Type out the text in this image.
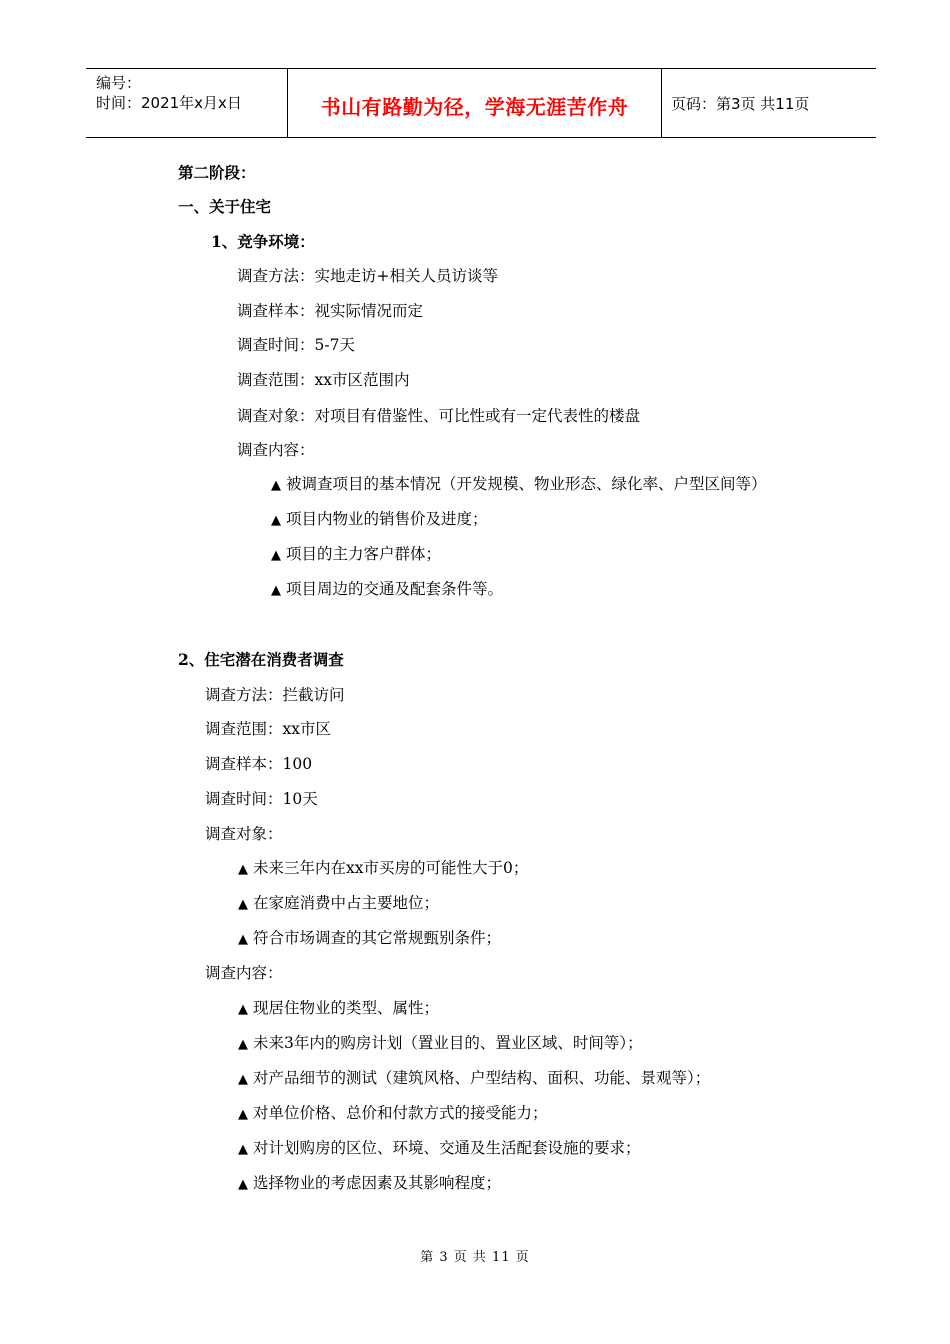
编号：
时间：2021年x月x日	书山有路勤为径，学海无涯苦作舟	页码：第3页 共11页
第二阶段：
一、关于住宅
1、竞争环境：
调查方法：实地走访+相关人员访谈等
调查样本：视实际情况而定
调查时间：5-7天
调查范围：xx市区范围内
调查对象：对项目有借鉴性、可比性或有一定代表性的楼盘
调查内容：
▲ 被调查项目的基本情况（开发规模、物业形态、绿化率、户型区间等）
▲ 项目内物业的销售价及进度；
▲ 项目的主力客户群体；
▲ 项目周边的交通及配套条件等。
2、住宅潜在消费者调查
调查方法：拦截访问
调查范围：xx市区
调查样本：100
调查时间：10天
调查对象：
▲ 未来三年内在xx市买房的可能性大于0；
▲ 在家庭消费中占主要地位；
▲ 符合市场调查的其它常规甄别条件；
调查内容：
▲ 现居住物业的类型、属性；
▲ 未来3年内的购房计划（置业目的、置业区域、时间等）；
▲ 对产品细节的测试（建筑风格、户型结构、面积、功能、景观等）；
▲ 对单位价格、总价和付款方式的接受能力；
▲ 对计划购房的区位、环境、交通及生活配套设施的要求；
▲ 选择物业的考虑因素及其影响程度；
第 3 页 共 11 页
